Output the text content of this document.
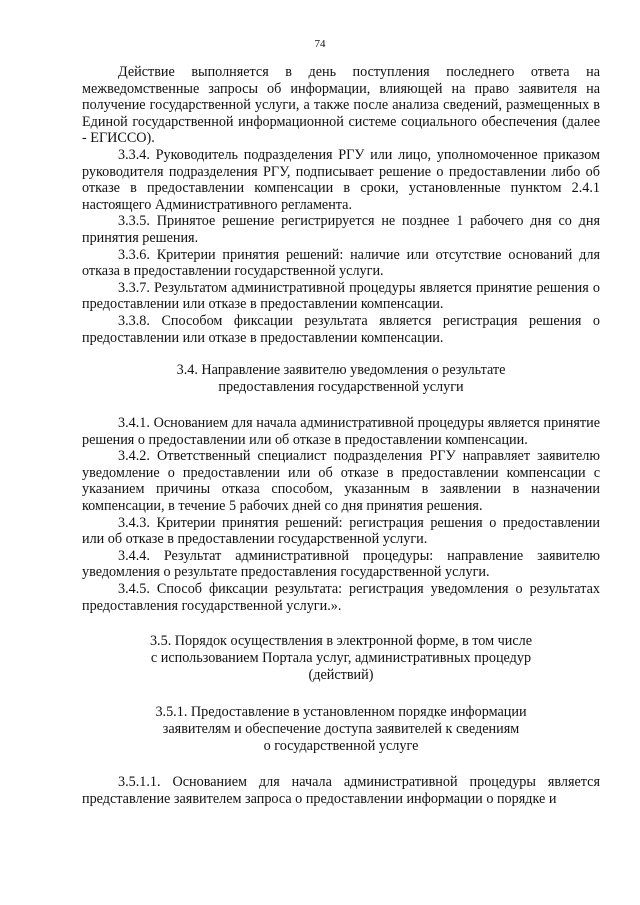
74

Действие выполняется в день поступления последнего ответа на межведомственные запросы об информации, влияющей на право заявителя на получение государственной услуги, а также после анализа сведений, размещенных в Единой государственной информационной системе социального обеспечения (далее - ЕГИССО).

3.3.4. Руководитель подразделения РГУ или лицо, уполномоченное приказом руководителя подразделения РГУ, подписывает решение о предоставлении либо об отказе в предоставлении компенсации в сроки, установленные пунктом 2.4.1 настоящего Административного регламента.

3.3.5. Принятое решение регистрируется не позднее 1 рабочего дня со дня принятия решения.

3.3.6. Критерии принятия решений: наличие или отсутствие оснований для отказа в предоставлении государственной услуги.

3.3.7. Результатом административной процедуры является принятие решения о предоставлении или отказе в предоставлении компенсации.

3.3.8. Способом фиксации результата является регистрация решения о предоставлении или отказе в предоставлении компенсации.

3.4. Направление заявителю уведомления о результате
предоставления государственной услуги

3.4.1. Основанием для начала административной процедуры является принятие решения о предоставлении или об отказе в предоставлении компенсации.

3.4.2. Ответственный специалист подразделения РГУ направляет заявителю уведомление о предоставлении или об отказе в предоставлении компенсации с указанием причины отказа способом, указанным в заявлении в назначении компенсации, в течение 5 рабочих дней со дня принятия решения.

3.4.3. Критерии принятия решений: регистрация решения о предоставлении или об отказе в предоставлении государственной услуги.

3.4.4. Результат административной процедуры: направление заявителю уведомления о результате предоставления государственной услуги.

3.4.5. Способ фиксации результата: регистрация уведомления о результатах предоставления государственной услуги.».

3.5. Порядок осуществления в электронной форме, в том числе
с использованием Портала услуг, административных процедур
(действий)
3.5.1. Предоставление в установленном порядке информации
заявителям и обеспечение доступа заявителей к сведениям
о государственной услуге

3.5.1.1. Основанием для начала административной процедуры является представление заявителем запроса о предоставлении информации о порядке и
